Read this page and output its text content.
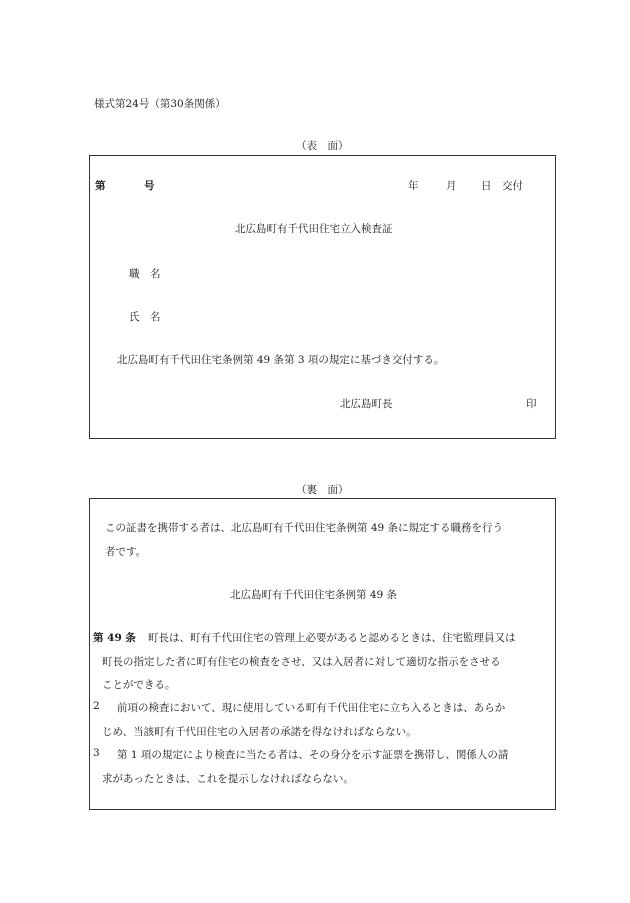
様式第24号（第30条関係）
（表　面）
第	号	年	月 日 交付
北広島町有千代田住宅立入検査証
職　名
氏　名
北広島町有千代田住宅条例第 49 条第 3 項の規定に基づき交付する。
北広島町長	印
（裏　面）
この証書を携帯する者は、北広島町有千代田住宅条例第 49 条に規定する職務を行う
者です。
北広島町有千代田住宅条例第 49 条
第 49 条 町長は、町有千代田住宅の管理上必要があると認めるときは、住宅監理員又は
町長の指定した者に町有住宅の検査をさせ、又は入居者に対して適切な指示をさせる
ことができる。
2 前項の検査において、現に使用している町有千代田住宅に立ち入るときは、あらか
じめ、当該町有千代田住宅の入居者の承諾を得なければならない。
3 第 1 項の規定により検査に当たる者は、その身分を示す証票を携帯し、関係人の請
求があったときは、これを提示しなければならない。
